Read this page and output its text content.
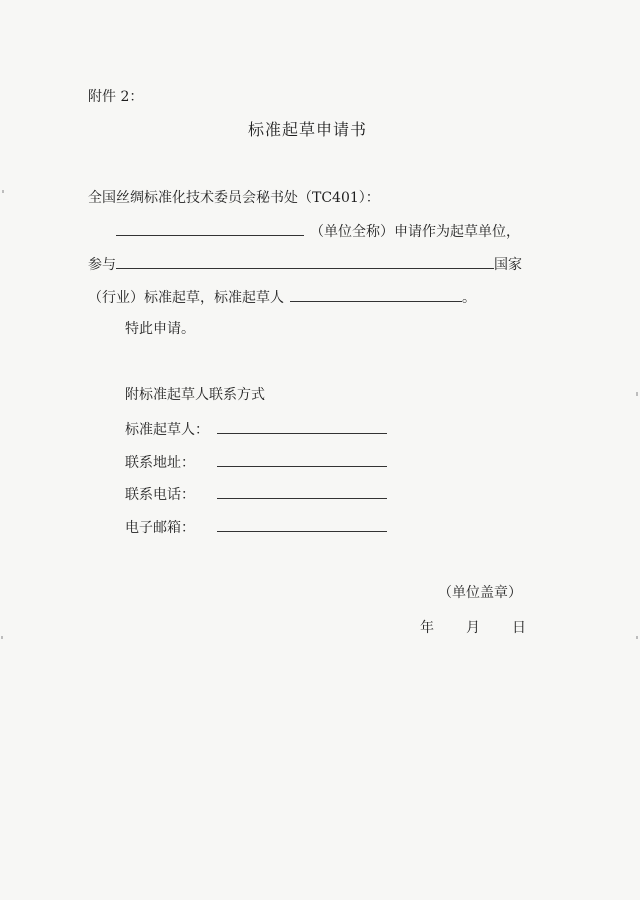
附件 2：
标准起草申请书
全国丝绸标准化技术委员会秘书处（TC401）：
（单位全称）申请作为起草单位，
参与	国家
（行业）标准起草，标准起草人	。
特此申请。
附标准起草人联系方式
标准起草人：
联系地址：
联系电话：
电子邮箱：
（单位盖章）
年 月 日
